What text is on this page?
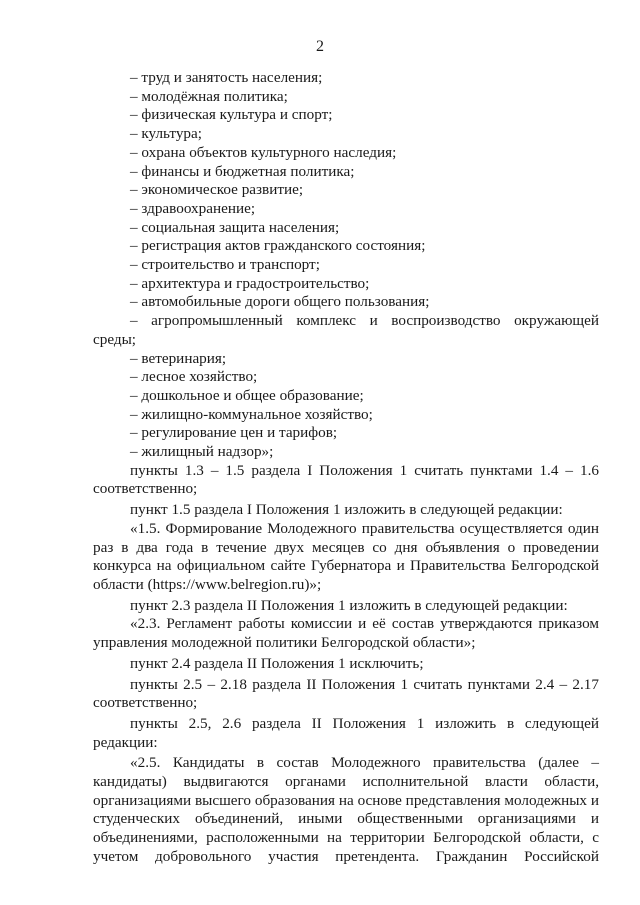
2
– труд и занятость населения;
– молодёжная политика;
– физическая культура и спорт;
– культура;
– охрана объектов культурного наследия;
– финансы и бюджетная политика;
– экономическое развитие;
– здравоохранение;
– социальная защита населения;
– регистрация актов гражданского состояния;
– строительство и транспорт;
– архитектура и градостроительство;
– автомобильные дороги общего пользования;
– агропромышленный комплекс и воспроизводство окружающей
среды;
– ветеринария;
– лесное хозяйство;
– дошкольное и общее образование;
– жилищно-коммунальное хозяйство;
– регулирование цен и тарифов;
– жилищный надзор»;
пункты 1.3 – 1.5 раздела I Положения 1 считать пунктами 1.4 – 1.6
соответственно;
пункт 1.5 раздела I Положения 1 изложить в следующей редакции:
«1.5. Формирование Молодежного правительства осуществляется один
раз в два года в течение двух месяцев со дня объявления о проведении
конкурса на официальном сайте Губернатора и Правительства Белгородской
области (https://www.belregion.ru)»;
пункт 2.3 раздела II Положения 1 изложить в следующей редакции:
«2.3. Регламент работы комиссии и её состав утверждаются приказом
управления молодежной политики Белгородской области»;
пункт 2.4 раздела II Положения 1 исключить;
пункты 2.5 – 2.18 раздела II Положения 1 считать пунктами 2.4 – 2.17
соответственно;
пункты 2.5, 2.6 раздела II Положения 1 изложить в следующей
редакции:
«2.5. Кандидаты в состав Молодежного правительства (далее –
кандидаты) выдвигаются органами исполнительной власти области,
организациями высшего образования на основе представления молодежных и
студенческих объединений, иными общественными организациями и
объединениями, расположенными на территории Белгородской области, с
учетом добровольного участия претендента. Гражданин Российской
